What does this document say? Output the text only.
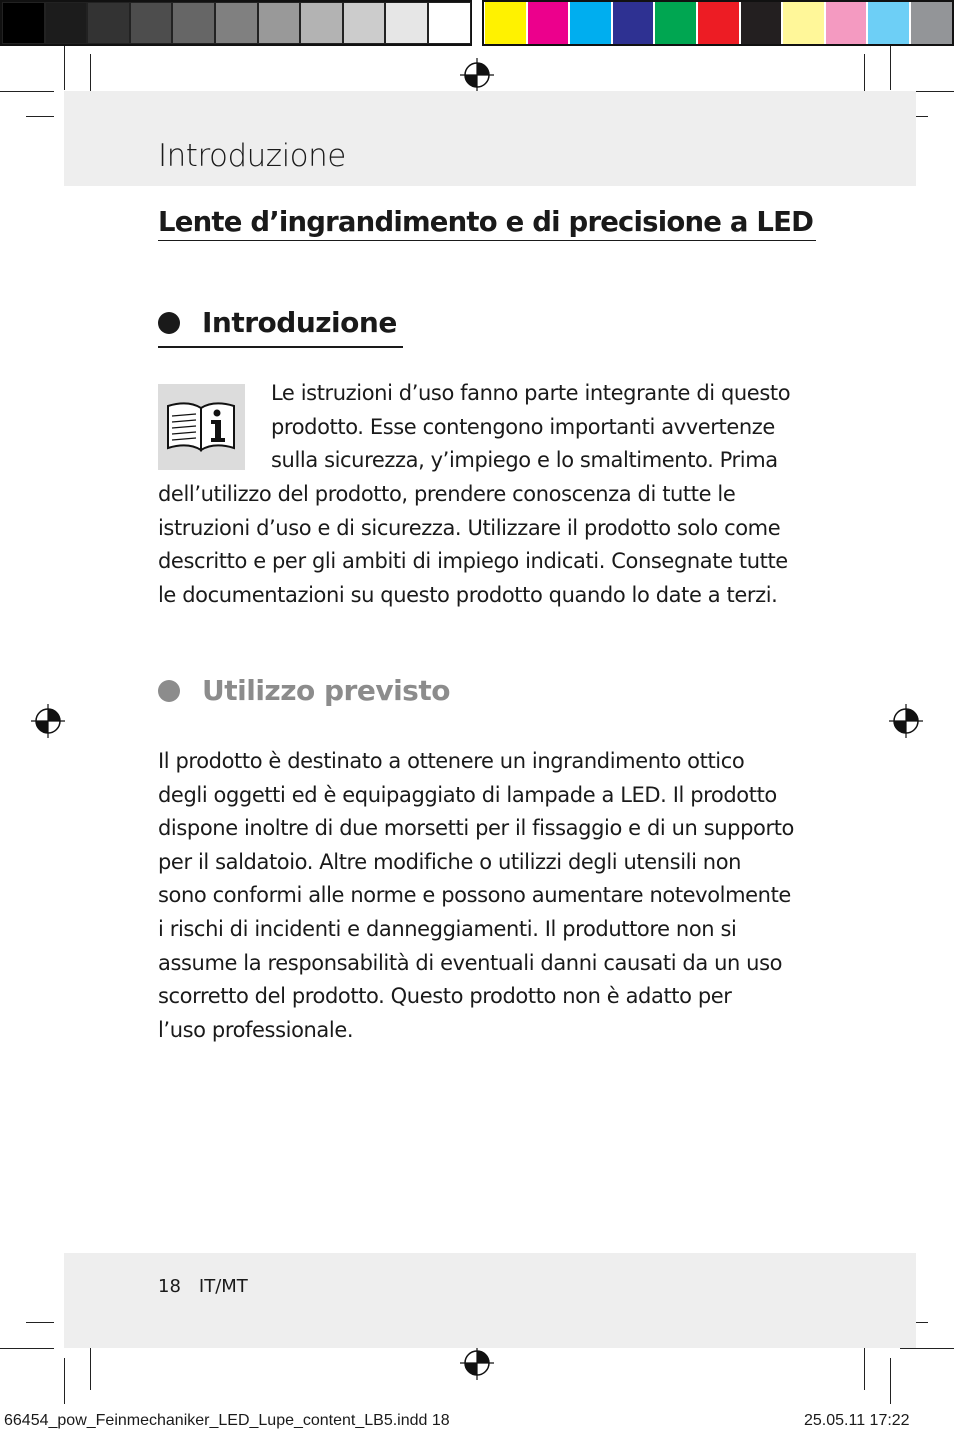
Introduzione
Lente d’ingrandimento e di precisione a LED
Introduzione
Le istruzioni d’uso fanno parte integrante di questo
prodotto. Esse contengono importanti avvertenze
sulla sicurezza, y’impiego e lo smaltimento. Prima
dell’utilizzo del prodotto, prendere conoscenza di tutte le
istruzioni d’uso e di sicurezza. Utilizzare il prodotto solo come
descritto e per gli ambiti di impiego indicati. Consegnate tutte
le documentazioni su questo prodotto quando lo date a terzi.
Utilizzo previsto
Il prodotto è destinato a ottenere un ingrandimento ottico
degli oggetti ed è equipaggiato di lampade a LED. Il prodotto
dispone inoltre di due morsetti per il fissaggio e di un supporto
per il saldatoio. Altre modifiche o utilizzi degli utensili non
sono conformi alle norme e possono aumentare notevolmente
i rischi di incidenti e danneggiamenti. Il produttore non si
assume la responsabilità di eventuali danni causati da un uso
scorretto del prodotto. Questo prodotto non è adatto per
l’uso professionale.
18 IT/MT
66454_pow_Feinmechaniker_LED_Lupe_content_LB5.indd 18	25.05.11 17:22
